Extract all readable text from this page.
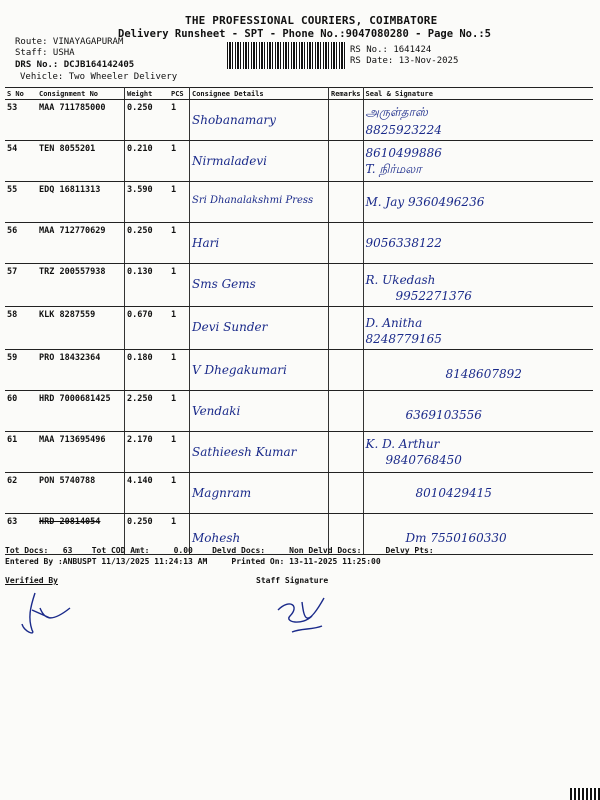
THE PROFESSIONAL COURIERS, COIMBATORE
Delivery Runsheet - SPT - Phone No.:9047080280 - Page No.:5
Route: VINAYAGAPURAM
Staff: USHA
DRS No.: DCJB164142405
Vehicle: Two Wheeler Delivery
RS No.: 1641424
RS Date: 13-Nov-2025
S No	Consignment No	Weight	PCS	Consignee Details	Remarks	Seal & Signature
53	MAA 711785000	0.250	1	Shobanamary		அருள்தாஸ்
8825923224

54	TEN 8055201	0.210	1	Nirmaladevi		8610499886
T. நிர்மலா

55	EDQ 16811313	3.590	1	Sri Dhanalakshmi Press		M. Jay 9360496236

56	MAA 712770629	0.250	1	Hari		9056338122

57	TRZ 200557938	0.130	1	Sms Gems		R. Ukedash
9952271376

58	KLK 8287559	0.670	1	Devi Sunder		D. Anitha
8248779165

59	PRO 18432364	0.180	1	V Dhegakumari		8148607892

60	HRD 7000681425	2.250	1	Vendaki		6369103556

61	MAA 713695496	2.170	1	Sathieesh Kumar		K. D. Arthur
9840768450

62	PON 5740788	4.140	1	Magnram		8010429415

63	HRD 20814054	0.250	1	Mohesh		Dm 7550160330
Tot Docs:   63    Tot COD Amt:     0.00    Delvd Docs:     Non Delvd Docs:     Delvy Pts:
Entered By :ANBUSPT 11/13/2025 11:24:13 AM     Printed On: 13-11-2025 11:25:00
Verified By	Staff Signature
